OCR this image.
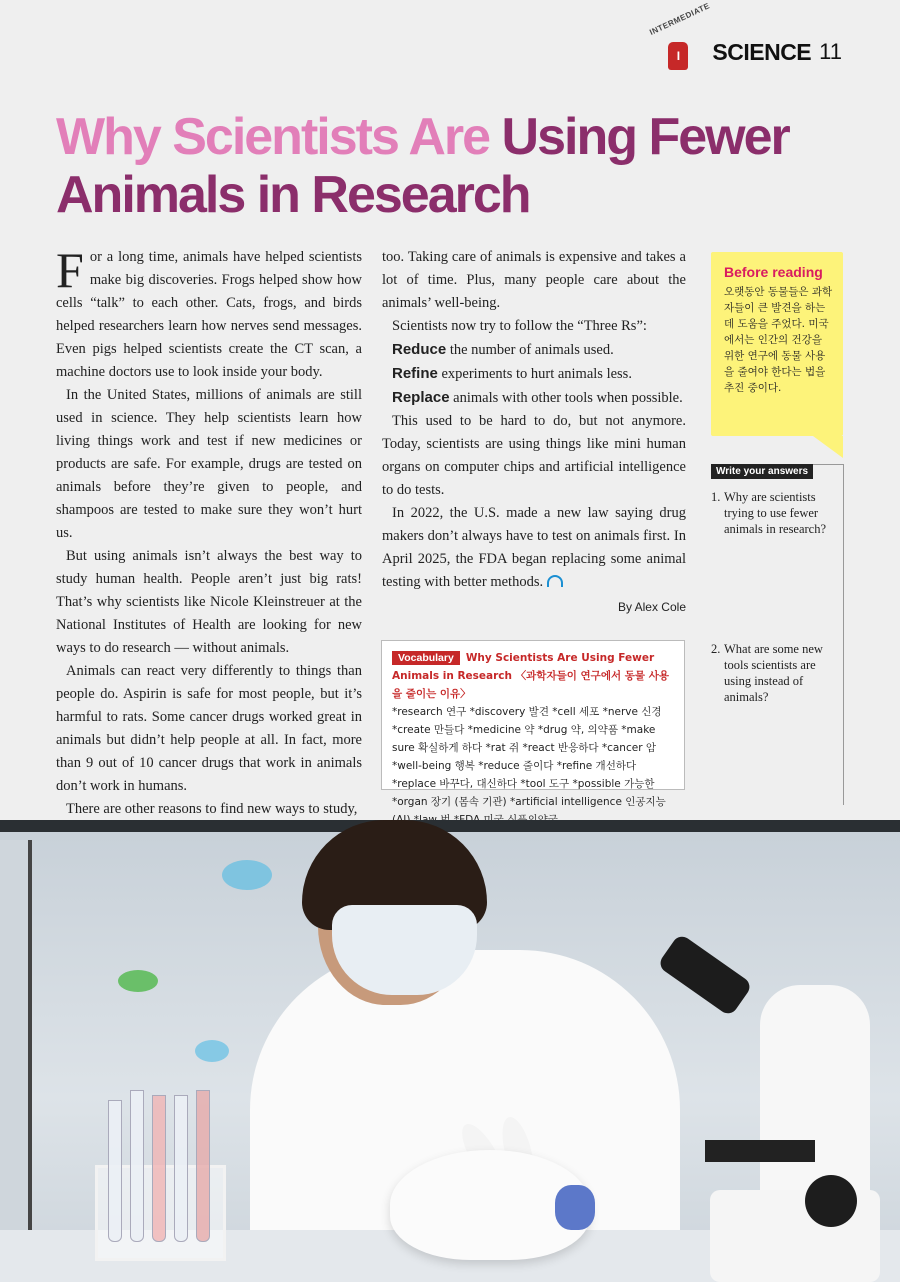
INTERMEDIATE
I	SCIENCE 11
Why Scientists Are Using Fewer
Animals in Research

For a long time, animals have helped scientists make big discoveries. Frogs helped show how cells “talk” to each other. Cats, frogs, and birds helped researchers learn how nerves send messages. Even pigs helped scientists create the CT scan, a machine doctors use to look inside your body.

In the United States, millions of animals are still used in science. They help scientists learn how living things work and test if new medicines or products are safe. For example, drugs are tested on animals before they’re given to people, and shampoos are tested to make sure they won’t hurt us.

But using animals isn’t always the best way to study human health. People aren’t just big rats! That’s why scientists like Nicole Kleinstreuer at the National Institutes of Health are looking for new ways to do research — without animals.

Animals can react very differently to things than people do. Aspirin is safe for most people, but it’s harmful to rats. Some cancer drugs worked great in animals but didn’t help people at all. In fact, more than 9 out of 10 cancer drugs that work in animals don’t work in humans.

There are other reasons to find new ways to study,

too. Taking care of animals is expensive and takes a lot of time. Plus, many people care about the animals’ well-being.

Scientists now try to follow the “Three Rs”:

Reduce the number of animals used.

Refine experiments to hurt animals less.

Replace animals with other tools when possible.

This used to be hard to do, but not anymore. Today, scientists are using things like mini human organs on computer chips and artificial intelligence to do tests.

In 2022, the U.S. made a new law saying drug makers don’t always have to test on animals first. In April 2025, the FDA began replacing some animal testing with better methods.

By Alex Cole
Before reading

오랫동안 동물들은 과학자들이 큰 발견을 하는 데 도움을 주었다. 미국에서는 인간의 건강을 위한 연구에 동물 사용을 줄여야 한다는 법을 추진 중이다.

Write your answers
1. Why are scientists trying to use fewer animals in research?
2. What are some new tools scientists are using instead of animals?
Vocabulary Why Scientists Are Using Fewer Animals in Research 〈과학자들이 연구에서 동물 사용을 줄이는 이유〉
*research 연구 *discovery 발견 *cell 세포 *nerve 신경 *create 만들다 *medicine 약 *drug 약, 의약품 *make sure 확실하게 하다 *rat 쥐 *react 반응하다 *cancer 암 *well-being 행복 *reduce 줄이다 *refine 개선하다 *replace 바꾸다, 대신하다 *tool 도구 *possible 가능한 *organ 장기 (몸속 기관) *artificial intelligence 인공지능
